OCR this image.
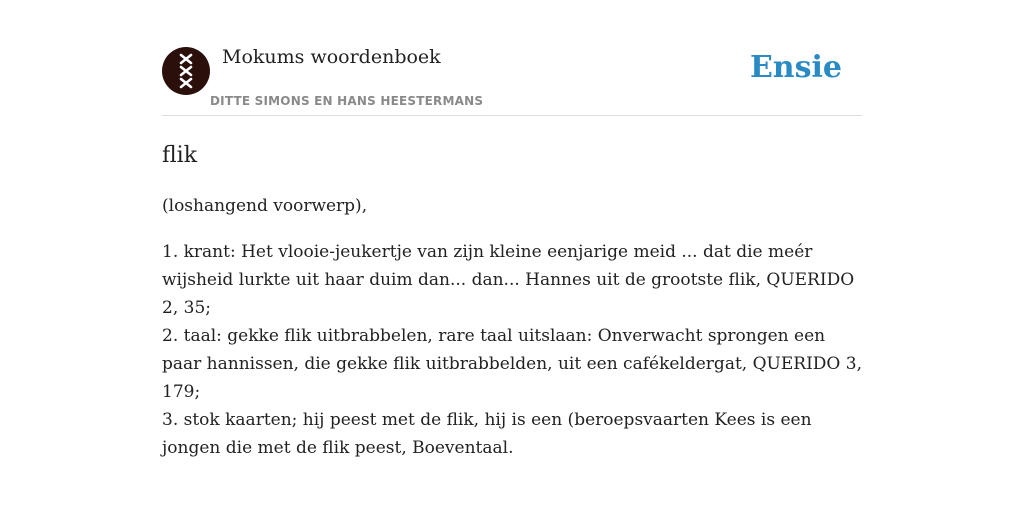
Mokums woordenboek
DITTE SIMONS EN HANS HEESTERMANS
Ensie
flik

(loshangend voorwerp),

1. krant: Het vlooie-jeukertje van zijn kleine eenjarige meid ... dat die meér wijsheid lurkte uit haar duim dan... dan... Hannes uit de grootste flik, QUERIDO 2, 35;
2. taal: gekke flik uitbrabbelen, rare taal uitslaan: Onverwacht sprongen een paar hannissen, die gekke flik uitbrabbelden, uit een cafékeldergat, QUERIDO 3, 179;
3. stok kaarten; hij peest met de flik, hij is een (beroepsvaarten Kees is een jongen die met de flik peest, Boeventaal.
